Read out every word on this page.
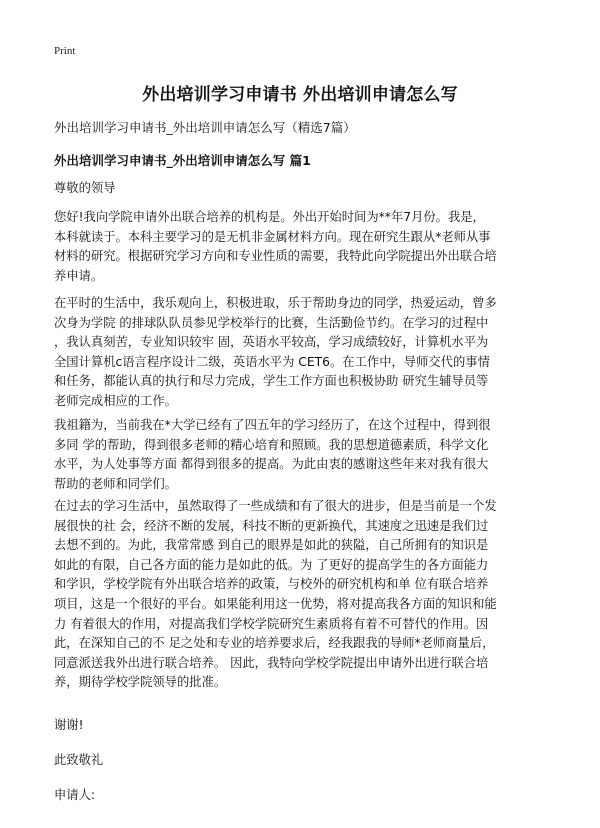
Print
外出培训学习申请书 外出培训申请怎么写
外出培训学习申请书_外出培训申请怎么写（精选7篇）
外出培训学习申请书_外出培训申请怎么写 篇1
尊敬的领导
您好!我向学院申请外出联合培养的机构是。外出开始时间为**年7月份。我是，
本科就读于。本科主要学习的是无机非金属材料方向。现在研究生跟从*老师从事
材料的研究。根据研究学习方向和专业性质的需要，我特此向学院提出外出联合培
养申请。
在平时的生活中，我乐观向上，积极进取，乐于帮助身边的同学，热爱运动，曾多
次身为学院 的排球队队员参见学校举行的比赛，生活勤俭节约。在学习的过程中
，我认真刻苦，专业知识较牢 固，英语水平较高，学习成绩较好，计算机水平为
全国计算机c语言程序设计二级，英语水平为 CET6。在工作中，导师交代的事情
和任务，都能认真的执行和尽力完成，学生工作方面也积极协助 研究生辅导员等
老师完成相应的工作。
我祖籍为，当前我在*大学已经有了四五年的学习经历了，在这个过程中，得到很
多同 学的帮助，得到很多老师的精心培育和照顾。我的思想道德素质，科学文化
水平，为人处事等方面 都得到很多的提高。为此由衷的感谢这些年来对我有很大
帮助的老师和同学们。
在过去的学习生活中，虽然取得了一些成绩和有了很大的进步，但是当前是一个发
展很快的社 会，经济不断的发展，科技不断的更新换代，其速度之迅速是我们过
去想不到的。为此，我常常感 到自己的眼界是如此的狭隘，自己所拥有的知识是
如此的有限，自己各方面的能力是如此的低。为 了更好的提高学生的各方面能力
和学识，学校学院有外出联合培养的政策，与校外的研究机构和单 位有联合培养
项目，这是一个很好的平台。如果能利用这一优势，将对提高我各方面的知识和能
力 有着很大的作用，对提高我们学校学院研究生素质将有着不可替代的作用。因
此，在深知自己的不 足之处和专业的培养要求后，经我跟我的导师*老师商量后，
同意派送我外出进行联合培养。 因此，我特向学校学院提出申请外出进行联合培
养，期待学校学院领导的批准。
谢谢!
此致敬礼
申请人:
